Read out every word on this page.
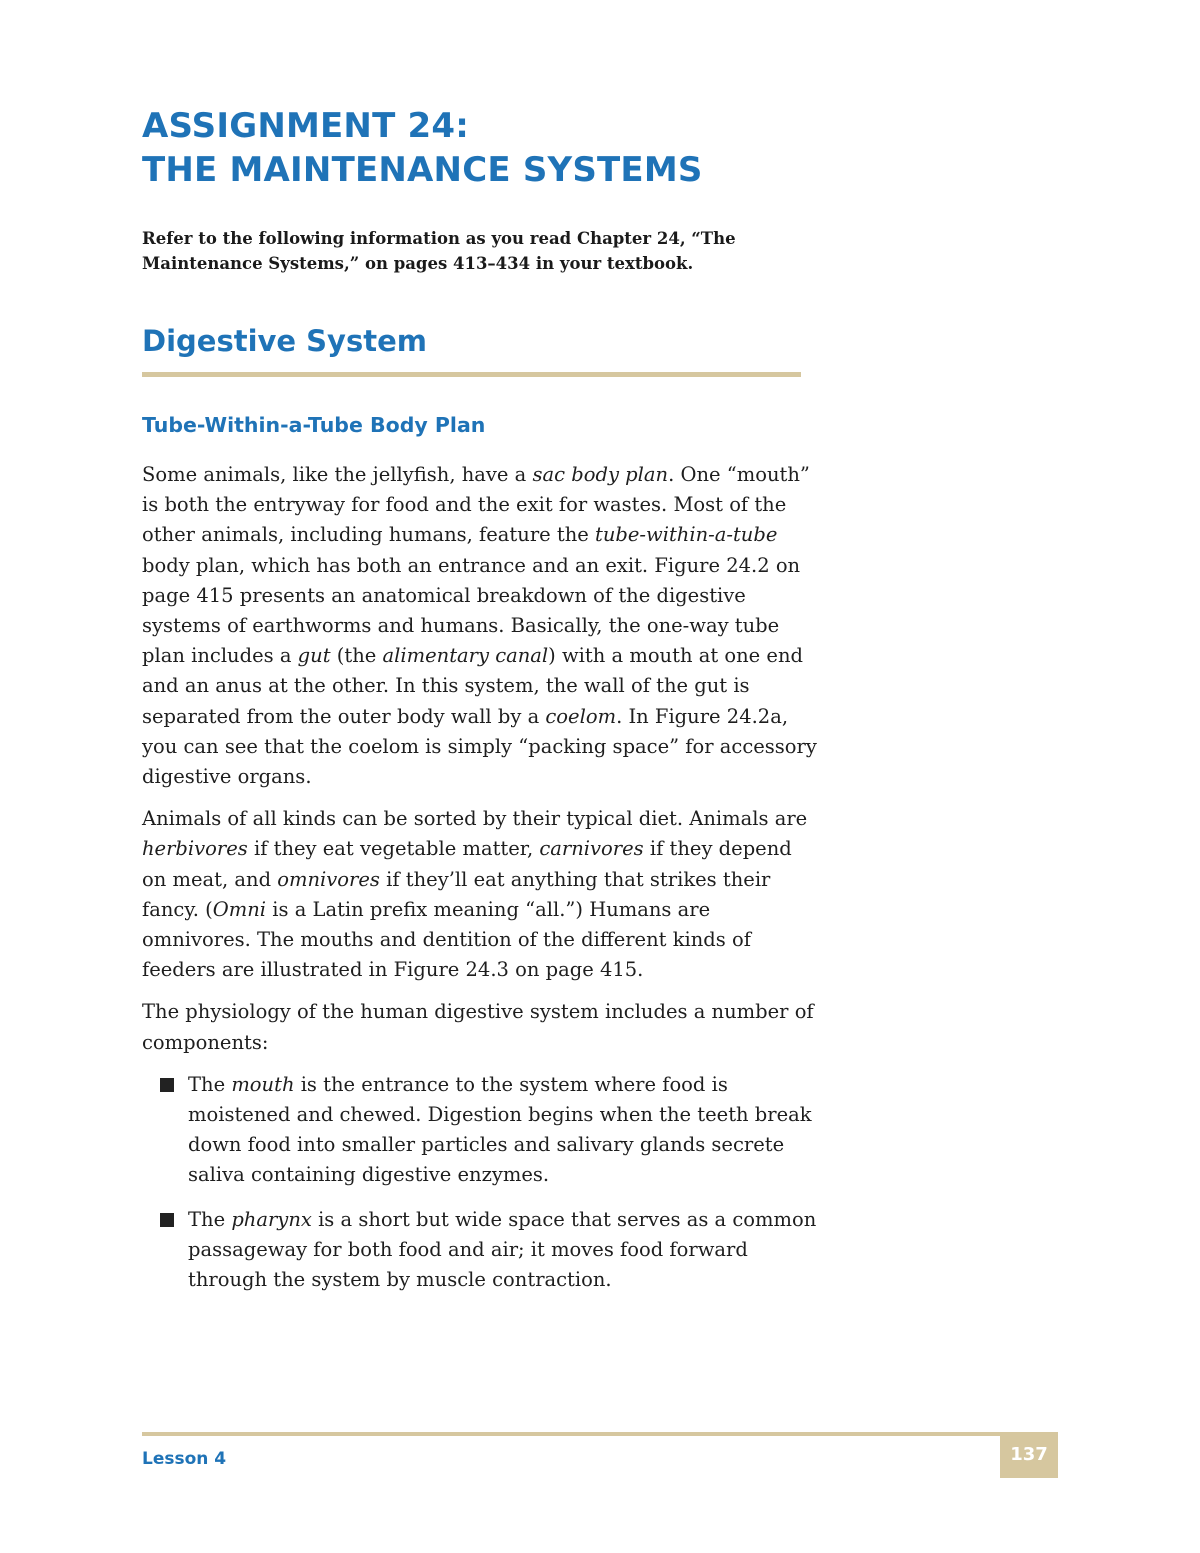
ASSIGNMENT 24:
THE MAINTENANCE SYSTEMS

Refer to the following information as you read Chapter 24, “The Maintenance Systems,” on pages 413–434 in your textbook.

Digestive System
Tube-Within-a-Tube Body Plan

Some animals, like the jellyfish, have a sac body plan. One “mouth” is both the entryway for food and the exit for wastes. Most of the other animals, including humans, feature the tube-within-a-tube body plan, which has both an entrance and an exit. Figure 24.2 on page 415 presents an anatomical breakdown of the digestive systems of earthworms and humans. Basically, the one-way tube plan includes a gut (the alimentary canal) with a mouth at one end and an anus at the other. In this system, the wall of the gut is separated from the outer body wall by a coelom. In Figure 24.2a, you can see that the coelom is simply “packing space” for accessory digestive organs.

Animals of all kinds can be sorted by their typical diet. Animals are herbivores if they eat vegetable matter, carnivores if they depend on meat, and omnivores if they’ll eat anything that strikes their fancy. (Omni is a Latin prefix meaning “all.”) Humans are omnivores. The mouths and dentition of the different kinds of feeders are illustrated in Figure 24.3 on page 415.

The physiology of the human digestive system includes a number of components:

The mouth is the entrance to the system where food is moistened and chewed. Digestion begins when the teeth break down food into smaller particles and salivary glands secrete saliva containing digestive enzymes.
The pharynx is a short but wide space that serves as a common passageway for both food and air; it moves food forward through the system by muscle contraction.
Lesson 4	137
